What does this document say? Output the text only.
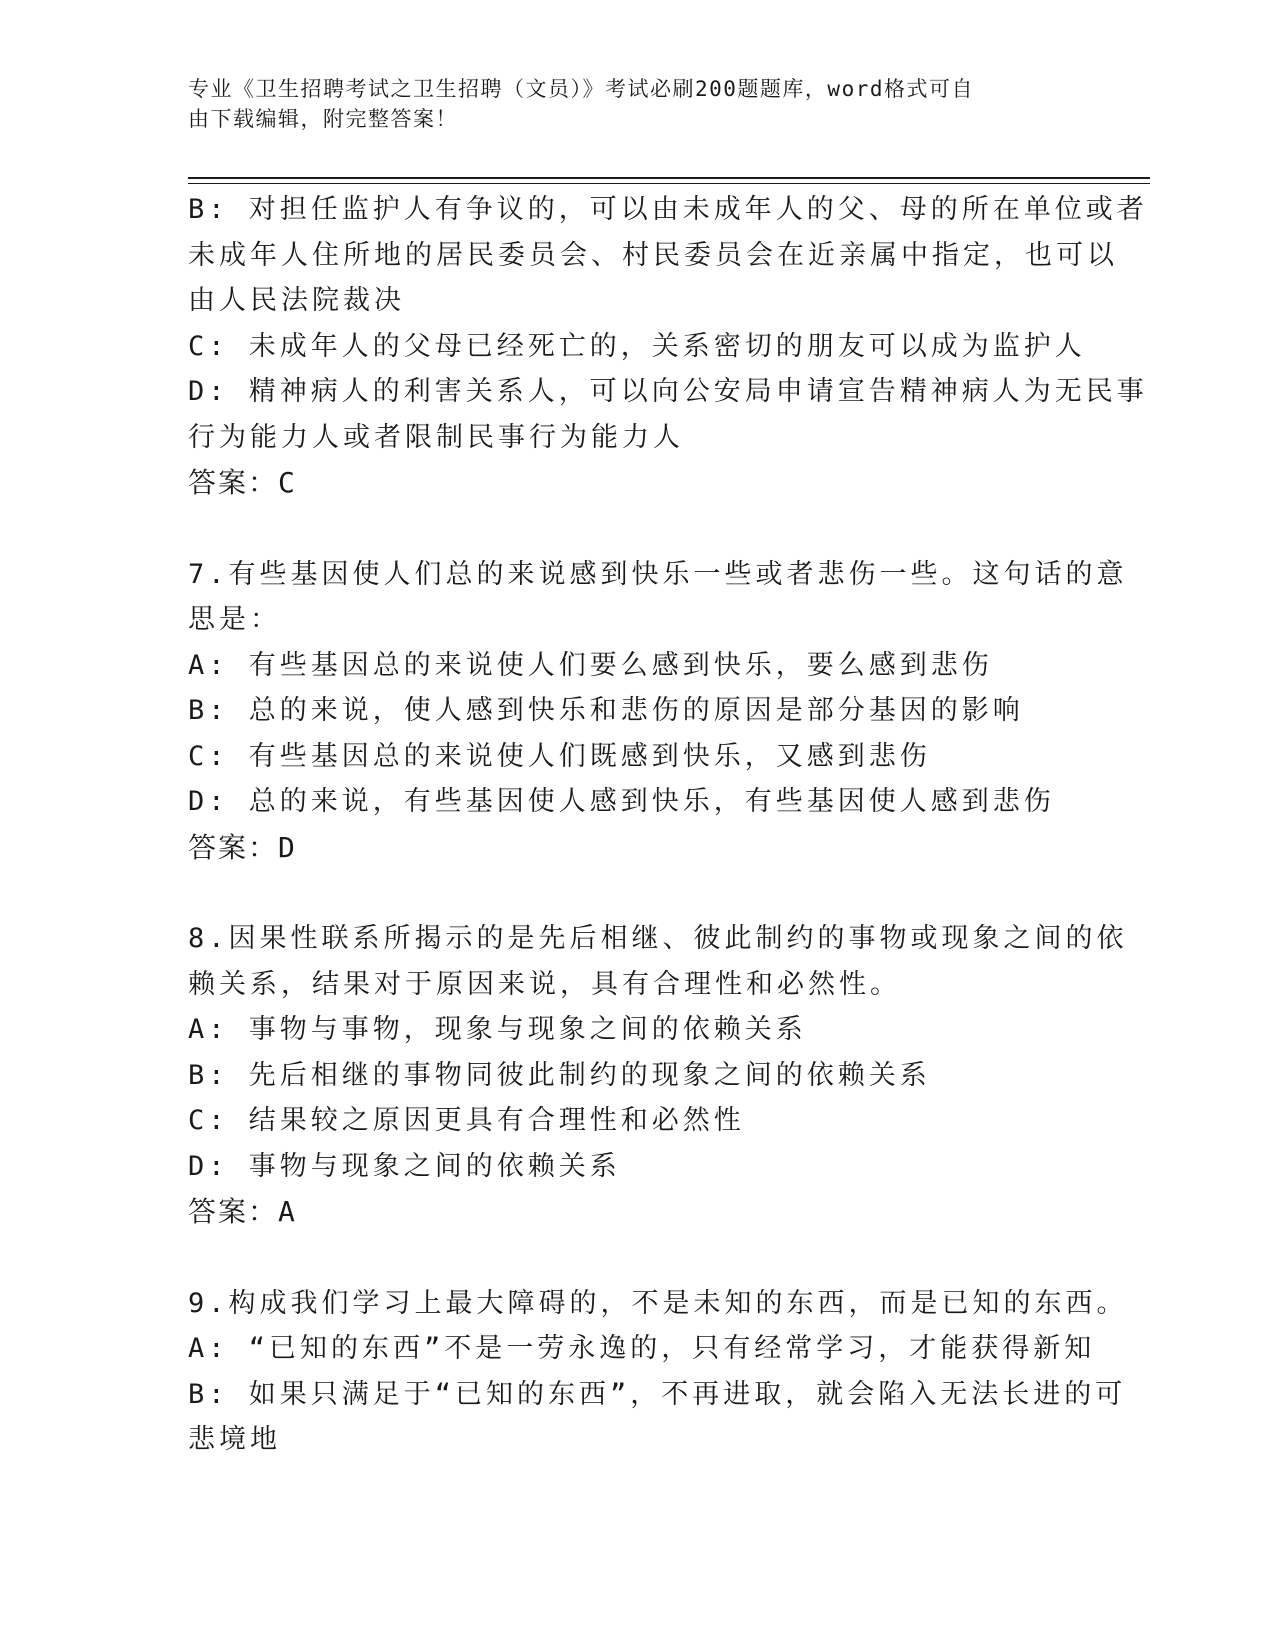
专业《卫生招聘考试之卫生招聘（文员）》考试必刷200题题库，word格式可自
由下载编辑，附完整答案！
B: 对担任监护人有争议的，可以由未成年人的父、母的所在单位或者
未成年人住所地的居民委员会、村民委员会在近亲属中指定，也可以
由人民法院裁决
C: 未成年人的父母已经死亡的，关系密切的朋友可以成为监护人
D: 精神病人的利害关系人，可以向公安局申请宣告精神病人为无民事
行为能力人或者限制民事行为能力人
答案：C
7.有些基因使人们总的来说感到快乐一些或者悲伤一些。这句话的意
思是：
A: 有些基因总的来说使人们要么感到快乐，要么感到悲伤
B: 总的来说，使人感到快乐和悲伤的原因是部分基因的影响
C: 有些基因总的来说使人们既感到快乐，又感到悲伤
D: 总的来说，有些基因使人感到快乐，有些基因使人感到悲伤
答案：D
8.因果性联系所揭示的是先后相继、彼此制约的事物或现象之间的依
赖关系，结果对于原因来说，具有合理性和必然性。
A: 事物与事物，现象与现象之间的依赖关系
B: 先后相继的事物同彼此制约的现象之间的依赖关系
C: 结果较之原因更具有合理性和必然性
D: 事物与现象之间的依赖关系
答案：A
9.构成我们学习上最大障碍的，不是未知的东西，而是已知的东西。
A: “已知的东西”不是一劳永逸的，只有经常学习，才能获得新知
B: 如果只满足于“已知的东西”，不再进取，就会陷入无法长进的可
悲境地
